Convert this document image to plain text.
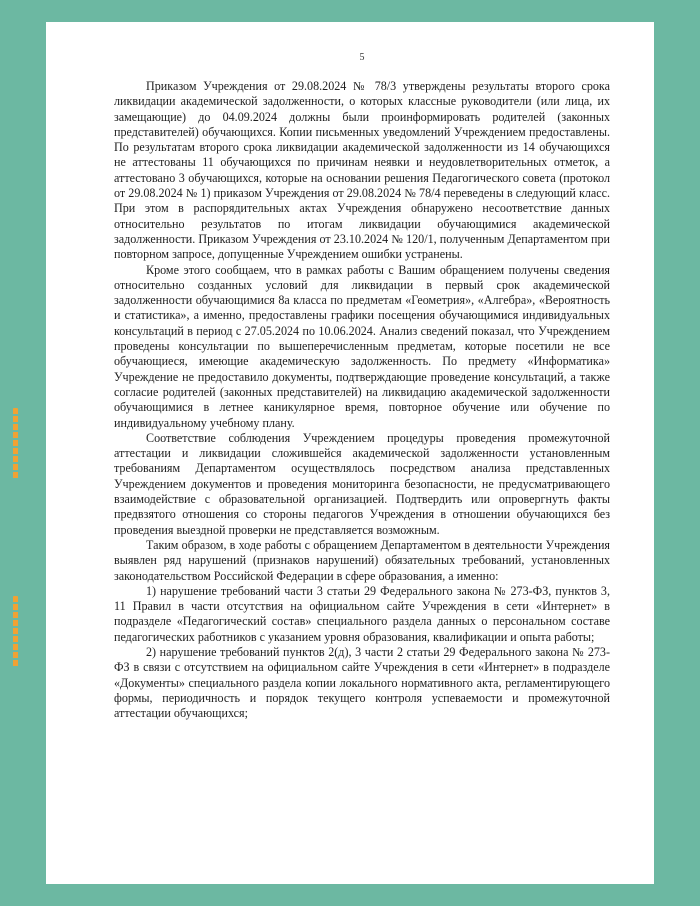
5

Приказом Учреждения от 29.08.2024 № 78/3 утверждены результаты второго срока ликвидации академической задолженности, о которых классные руководители (или лица, их замещающие) до 04.09.2024 должны были проинформировать родителей (законных представителей) обучающихся. Копии письменных уведомлений Учреждением предоставлены. По результатам второго срока ликвидации академической задолженности из 14 обучающихся не аттестованы 11 обучающихся по причинам неявки и неудовлетворительных отметок, а аттестовано 3 обучающихся, которые на основании решения Педагогического совета (протокол от 29.08.2024 № 1) приказом Учреждения от 29.08.2024 № 78/4 переведены в следующий класс. При этом в распорядительных актах Учреждения обнаружено несоответствие данных относительно результатов по итогам ликвидации обучающимися академической задолженности. Приказом Учреждения от 23.10.2024 № 120/1, полученным Департаментом при повторном запросе, допущенные Учреждением ошибки устранены.

Кроме этого сообщаем, что в рамках работы с Вашим обращением получены сведения относительно созданных условий для ликвидации в первый срок академической задолженности обучающимися 8а класса по предметам «Геометрия», «Алгебра», «Вероятность и статистика», а именно, предоставлены графики посещения обучающимися индивидуальных консультаций в период с 27.05.2024 по 10.06.2024. Анализ сведений показал, что Учреждением проведены консультации по вышеперечисленным предметам, которые посетили не все обучающиеся, имеющие академическую задолженность. По предмету «Информатика» Учреждение не предоставило документы, подтверждающие проведение консультаций, а также согласие родителей (законных представителей) на ликвидацию академической задолженности обучающимися в летнее каникулярное время, повторное обучение или обучение по индивидуальному учебному плану.

Соответствие соблюдения Учреждением процедуры проведения промежуточной аттестации и ликвидации сложившейся академической задолженности установленным требованиям Департаментом осуществлялось посредством анализа представленных Учреждением документов и проведения мониторинга безопасности, не предусматривающего взаимодействие с образовательной организацией. Подтвердить или опровергнуть факты предвзятого отношения со стороны педагогов Учреждения в отношении обучающихся без проведения выездной проверки не представляется возможным.

Таким образом, в ходе работы с обращением Департаментом в деятельности Учреждения выявлен ряд нарушений (признаков нарушений) обязательных требований, установленных законодательством Российской Федерации в сфере образования, а именно:

1) нарушение требований части 3 статьи 29 Федерального закона № 273-ФЗ, пунктов 3, 11 Правил в части отсутствия на официальном сайте Учреждения в сети «Интернет» в подразделе «Педагогический состав» специального раздела данных о персональном составе педагогических работников с указанием уровня образования, квалификации и опыта работы;

2) нарушение требований пунктов 2(д), 3 части 2 статьи 29 Федерального закона № 273-ФЗ в связи с отсутствием на официальном сайте Учреждения в сети «Интернет» в подразделе «Документы» специального раздела копии локального нормативного акта, регламентирующего формы, периодичность и порядок текущего контроля успеваемости и промежуточной аттестации обучающихся;
